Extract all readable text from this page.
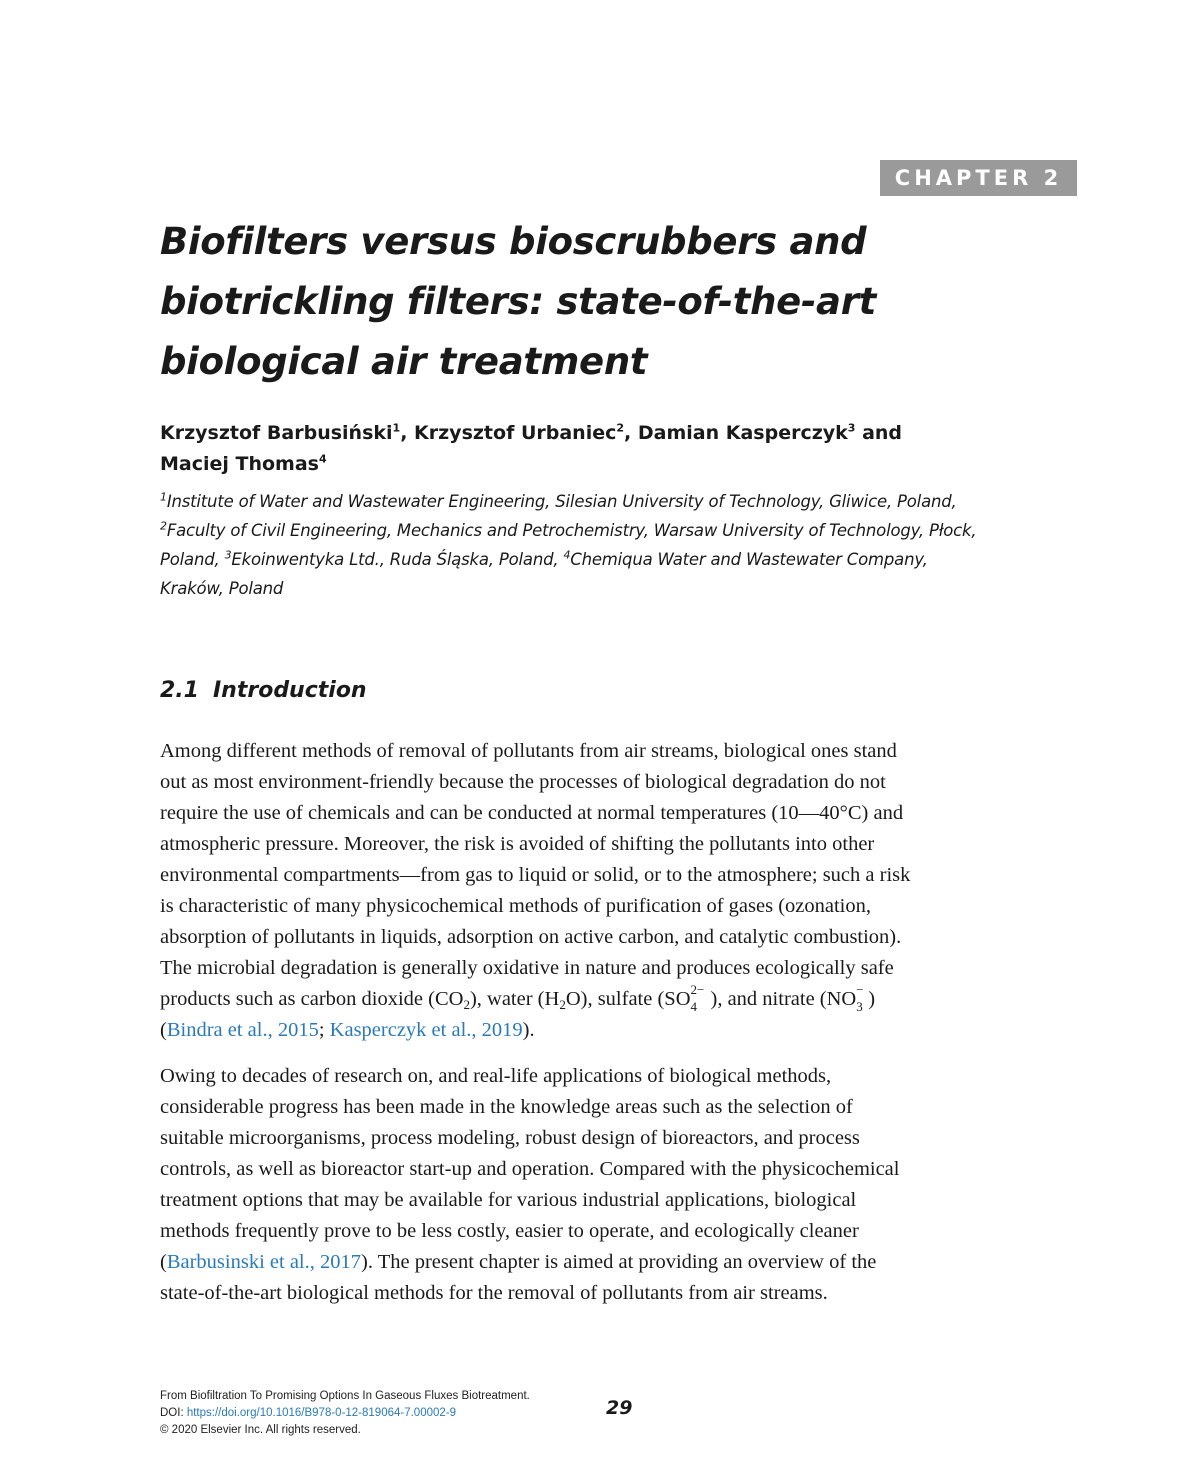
CHAPTER 2
Biofilters versus bioscrubbers and
biotrickling filters: state-of-the-art
biological air treatment
Krzysztof Barbusiński$^1$, Krzysztof Urbaniec$^2$, Damian Kasperczyk$^3$ and
Maciej Thomas$^4$
$^1$Institute of Water and Wastewater Engineering, Silesian University of Technology, Gliwice, Poland,
$^2$Faculty of Civil Engineering, Mechanics and Petrochemistry, Warsaw University of Technology, Płock,
Poland, $^3$Ekoinwentyka Ltd., Ruda Śląska, Poland, $^4$Chemiqua Water and Wastewater Company,
Kraków, Poland
2.1 Introduction
Among different methods of removal of pollutants from air streams, biological ones stand
out as most environment-friendly because the processes of biological degradation do not
require the use of chemicals and can be conducted at normal temperatures (10—40°C) and
atmospheric pressure. Moreover, the risk is avoided of shifting the pollutants into other
environmental compartments—from gas to liquid or solid, or to the atmosphere; such a risk
is characteristic of many physicochemical methods of purification of gases (ozonation,
absorption of pollutants in liquids, adsorption on active carbon, and catalytic combustion).
The microbial degradation is generally oxidative in nature and produces ecologically safe
products such as carbon dioxide $(CO_2)$, water $(H_2O)$, sulfate (SO 2−
4 ), and nitrate (NO −
3 )
(Bindra et al., 2015; Kasperczyk et al., 2019).
Owing to decades of research on, and real-life applications of biological methods,
considerable progress has been made in the knowledge areas such as the selection of
suitable microorganisms, process modeling, robust design of bioreactors, and process
controls, as well as bioreactor start-up and operation. Compared with the physicochemical
treatment options that may be available for various industrial applications, biological
methods frequently prove to be less costly, easier to operate, and ecologically cleaner
(Barbusinski et al., 2017). The present chapter is aimed at providing an overview of the
state-of-the-art biological methods for the removal of pollutants from air streams.
From Biofiltration To Promising Options In Gaseous Fluxes Biotreatment.
DOI: https://doi.org/10.1016/B978-0-12-819064-7.00002-9
© 2020 Elsevier Inc. All rights reserved.
29
